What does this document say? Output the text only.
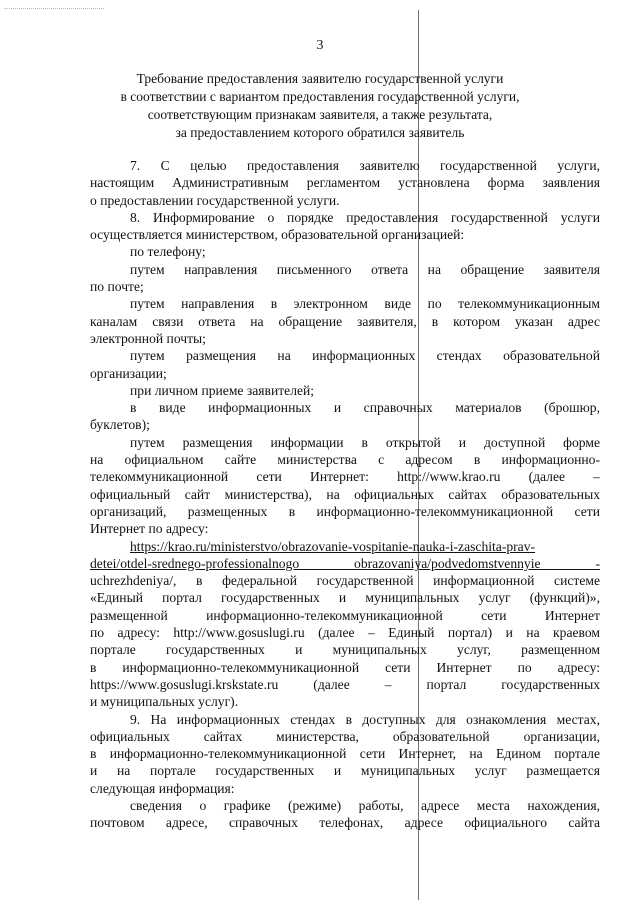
3
Требование предоставления заявителю государственной услуги
в соответствии с вариантом предоставления государственной услуги,
соответствующим признакам заявителя, а также результата,
за предоставлением которого обратился заявитель
7. С целью предоставления заявителю государственной услуги,
настоящим Административным регламентом установлена форма заявления
о предоставлении государственной услуги.
8. Информирование о порядке предоставления государственной услуги
осуществляется министерством, образовательной организацией:
по телефону;
путем направления письменного ответа на обращение заявителя
по почте;
путем направления в электронном виде по телекоммуникационным
каналам связи ответа на обращение заявителя, в котором указан адрес
электронной почты;
путем размещения на информационных стендах образовательной
организации;
при личном приеме заявителей;
в виде информационных и справочных материалов (брошюр,
буклетов);
путем размещения информации в открытой и доступной форме
на официальном сайте министерства с адресом в информационно-
телекоммуникационной сети Интернет: http://www.krao.ru (далее –
официальный сайт министерства), на официальных сайтах образовательных
организаций, размещенных в информационно-телекоммуникационной сети
Интернет по адресу:
https://krao.ru/ministerstvo/obrazovanie-vospitanie-nauka-i-zaschita-prav-
detei/otdel-srednego-professionalnogo obrazovaniya/podvedomstvennyie -
uchrezhdeniya/, в федеральной государственной информационной системе
«Единый портал государственных и муниципальных услуг (функций)»,
размещенной информационно-телекоммуникационной сети Интернет
по адресу: http://www.gosuslugi.ru (далее – Единый портал) и на краевом
портале государственных и муниципальных услуг, размещенном
в информационно-телекоммуникационной сети Интернет по адресу:
https://www.gosuslugi.krskstate.ru (далее – портал государственных
и муниципальных услуг).
9. На информационных стендах в доступных для ознакомления местах,
официальных сайтах министерства, образовательной организации,
в информационно-телекоммуникационной сети Интернет, на Едином портале
и на портале государственных и муниципальных услуг размещается
следующая информация:
сведения о графике (режиме) работы, адресе места нахождения,
почтовом адресе, справочных телефонах, адресе официального сайта
